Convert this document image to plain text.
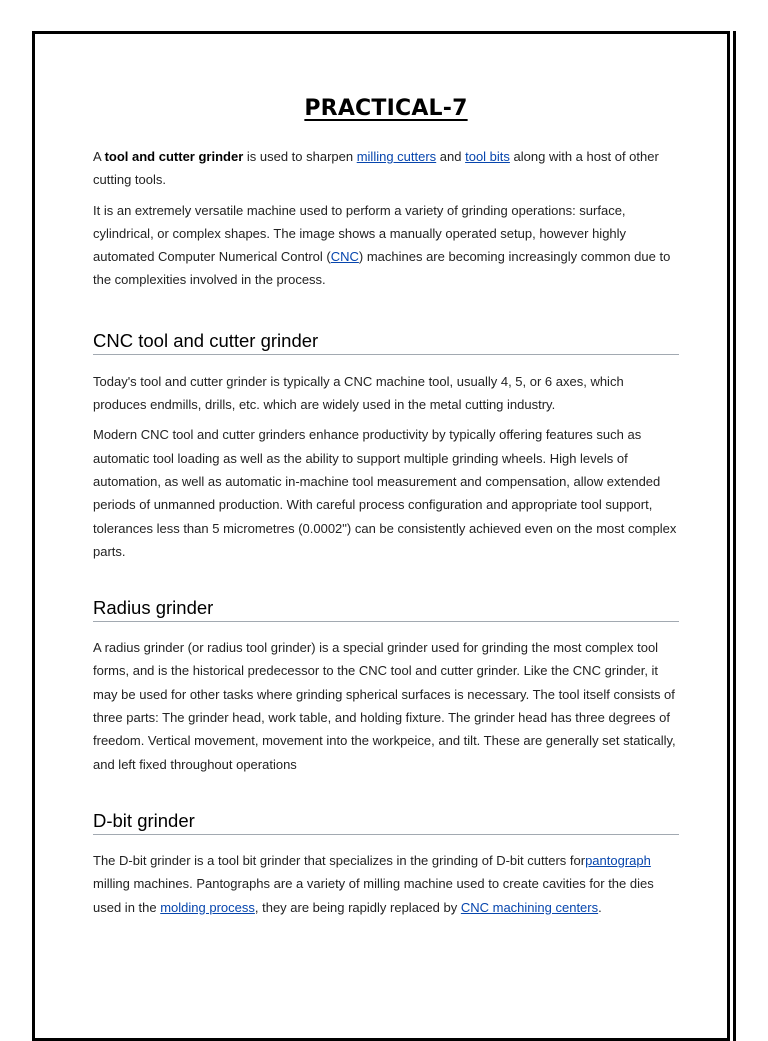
PRACTICAL-7

A tool and cutter grinder is used to sharpen milling cutters and tool bits along with a host of other cutting tools.

It is an extremely versatile machine used to perform a variety of grinding operations: surface, cylindrical, or complex shapes. The image shows a manually operated setup, however highly automated Computer Numerical Control (CNC) machines are becoming increasingly common due to the complexities involved in the process.

CNC tool and cutter grinder

Today's tool and cutter grinder is typically a CNC machine tool, usually 4, 5, or 6 axes, which produces endmills, drills, etc. which are widely used in the metal cutting industry.

Modern CNC tool and cutter grinders enhance productivity by typically offering features such as automatic tool loading as well as the ability to support multiple grinding wheels. High levels of automation, as well as automatic in-machine tool measurement and compensation, allow extended periods of unmanned production. With careful process configuration and appropriate tool support, tolerances less than 5 micrometres (0.0002") can be consistently achieved even on the most complex parts.

Radius grinder

A radius grinder (or radius tool grinder) is a special grinder used for grinding the most complex tool forms, and is the historical predecessor to the CNC tool and cutter grinder. Like the CNC grinder, it may be used for other tasks where grinding spherical surfaces is necessary. The tool itself consists of three parts: The grinder head, work table, and holding fixture. The grinder head has three degrees of freedom. Vertical movement, movement into the workpeice, and tilt. These are generally set statically, and left fixed throughout operations

D-bit grinder

The D-bit grinder is a tool bit grinder that specializes in the grinding of D-bit cutters forpantograph milling machines. Pantographs are a variety of milling machine used to create cavities for the dies used in the molding process, they are being rapidly replaced by CNC machining centers.
